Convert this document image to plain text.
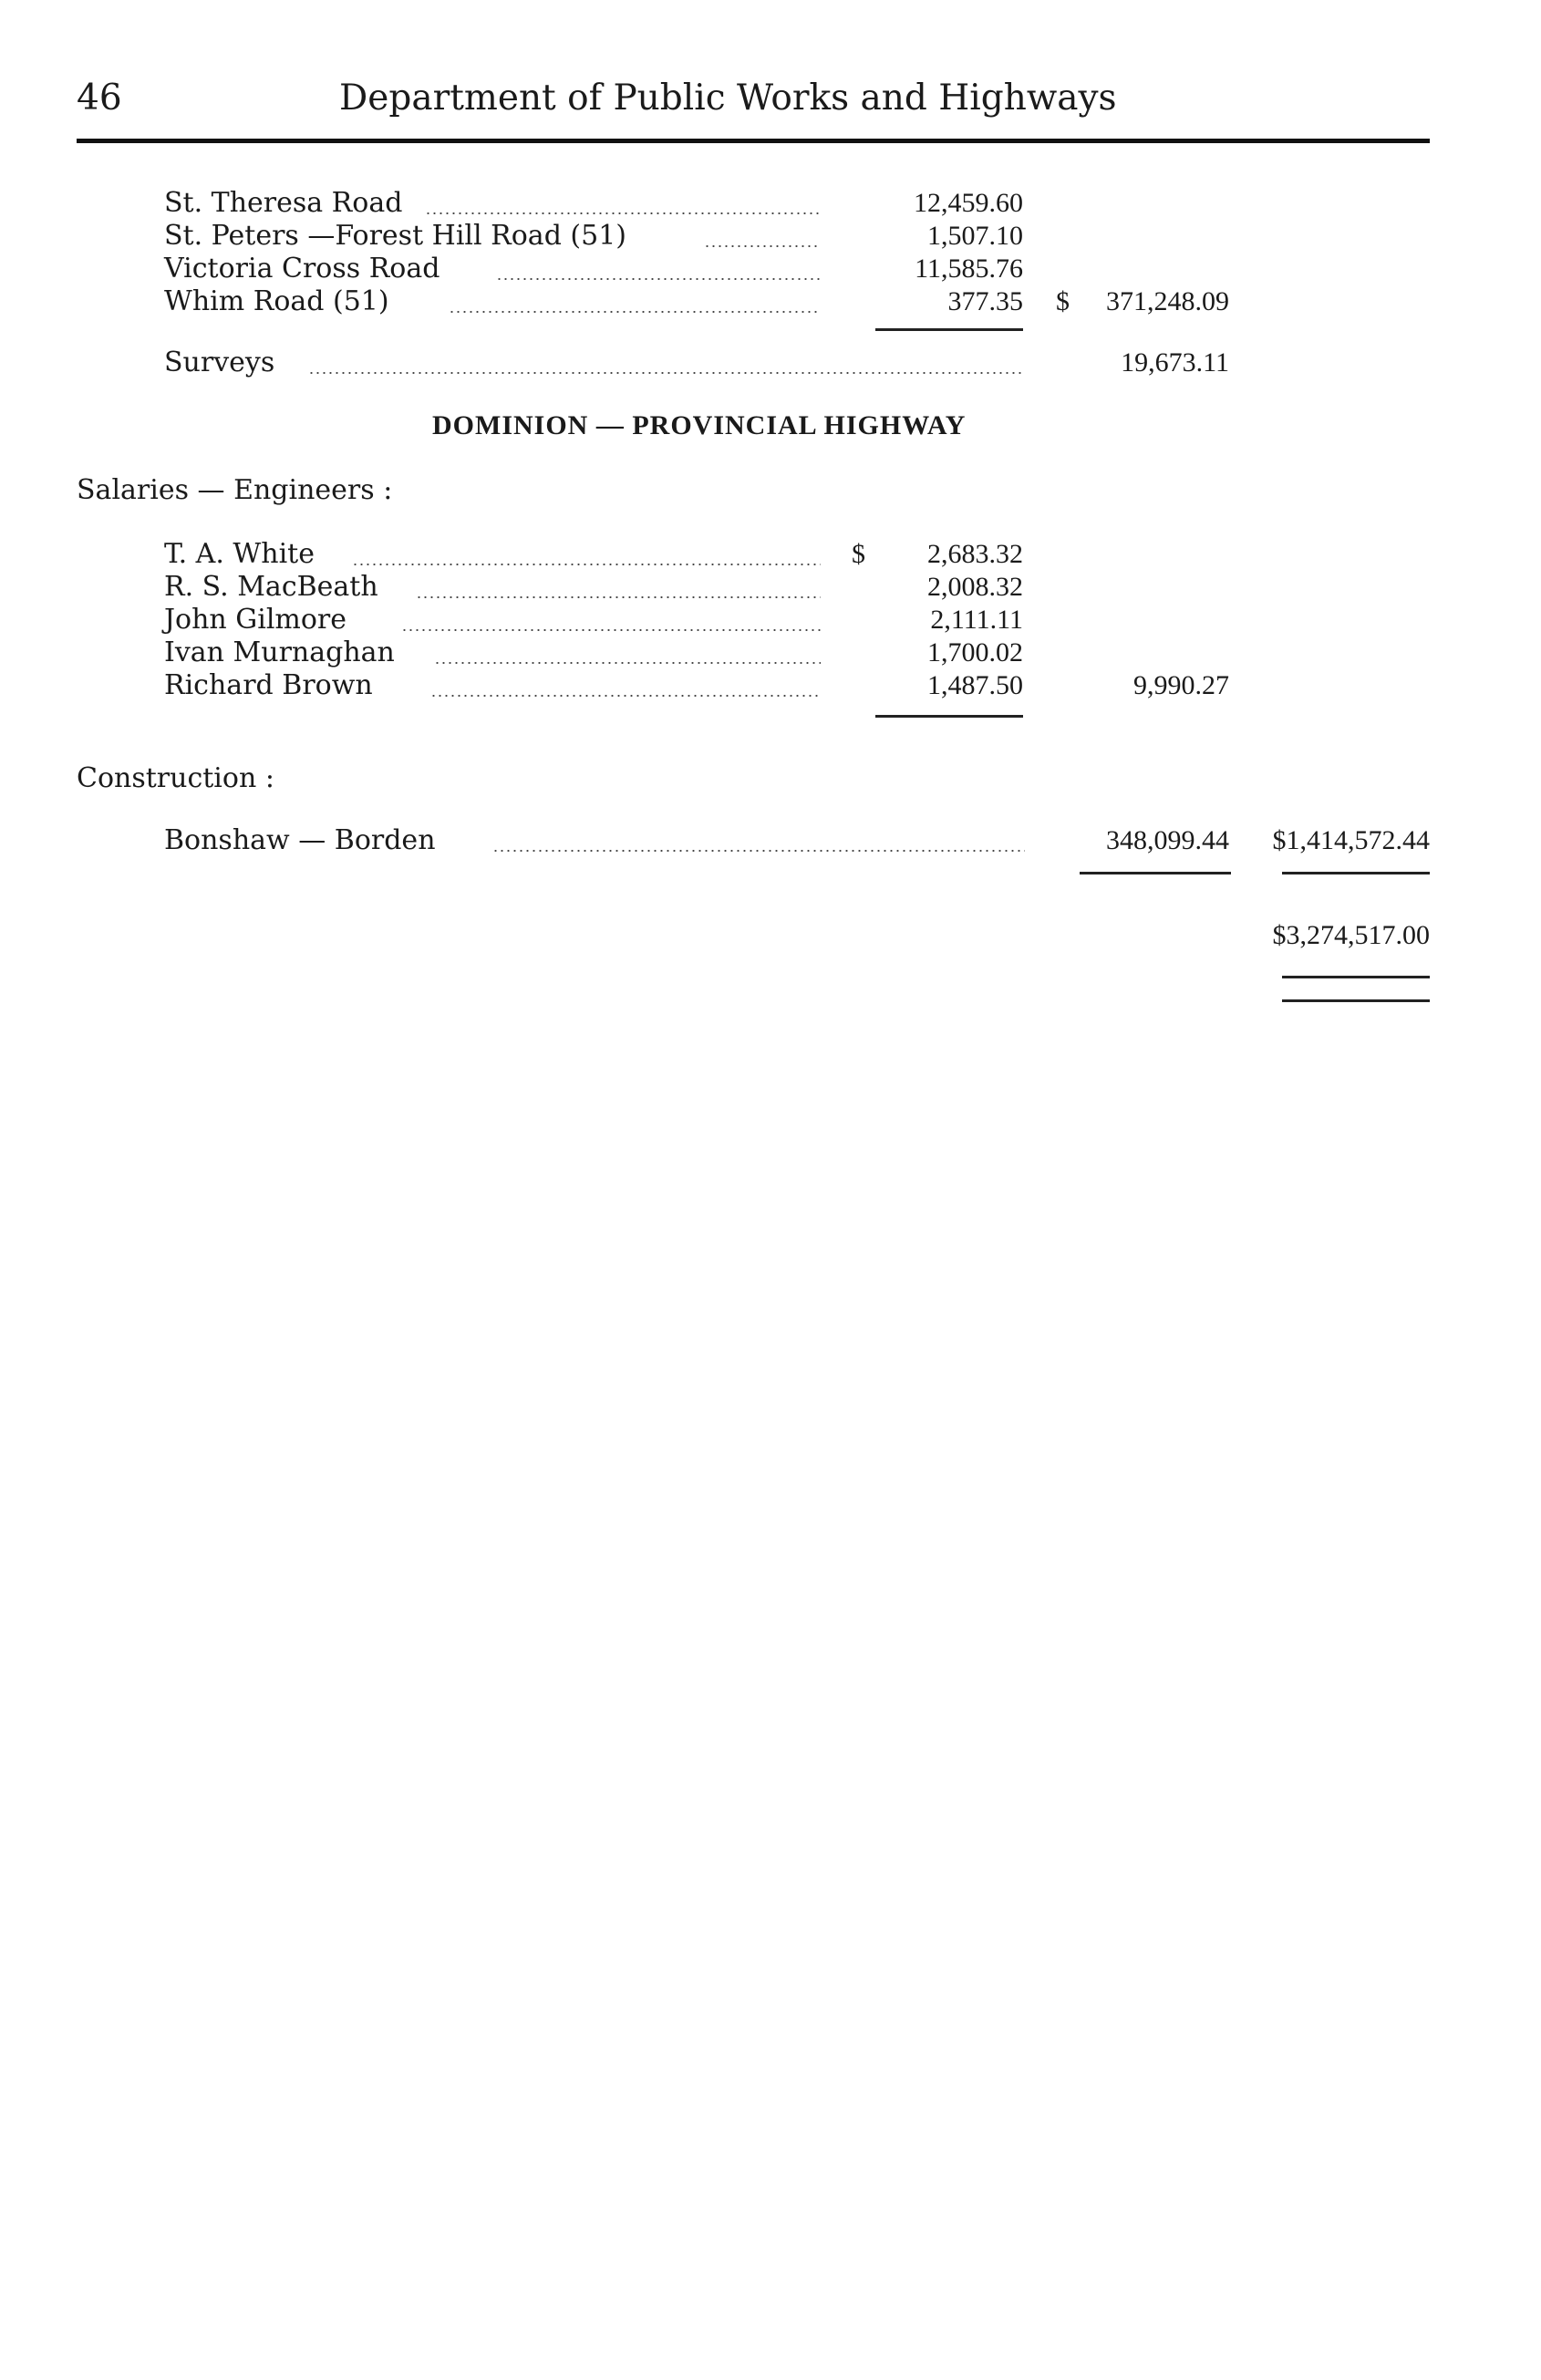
46	Department of Public Works and Highways
St. Theresa Road	12,459.60
St. Peters —Forest Hill Road (51)	1,507.10
Victoria Cross Road	11,585.76
Whim Road (51)	377.35 $ 371,248.09
Surveys	19,673.11
DOMINION — PROVINCIAL HIGHWAY
Salaries — Engineers :
T. A. White	$ 2,683.32
R. S. MacBeath	2,008.32
John Gilmore	2,111.11
Ivan Murnaghan	1,700.02
Richard Brown	1,487.50	9,990.27
Construction :
Bonshaw — Borden	348,099.44 $1,414,572.44
$3,274,517.00
